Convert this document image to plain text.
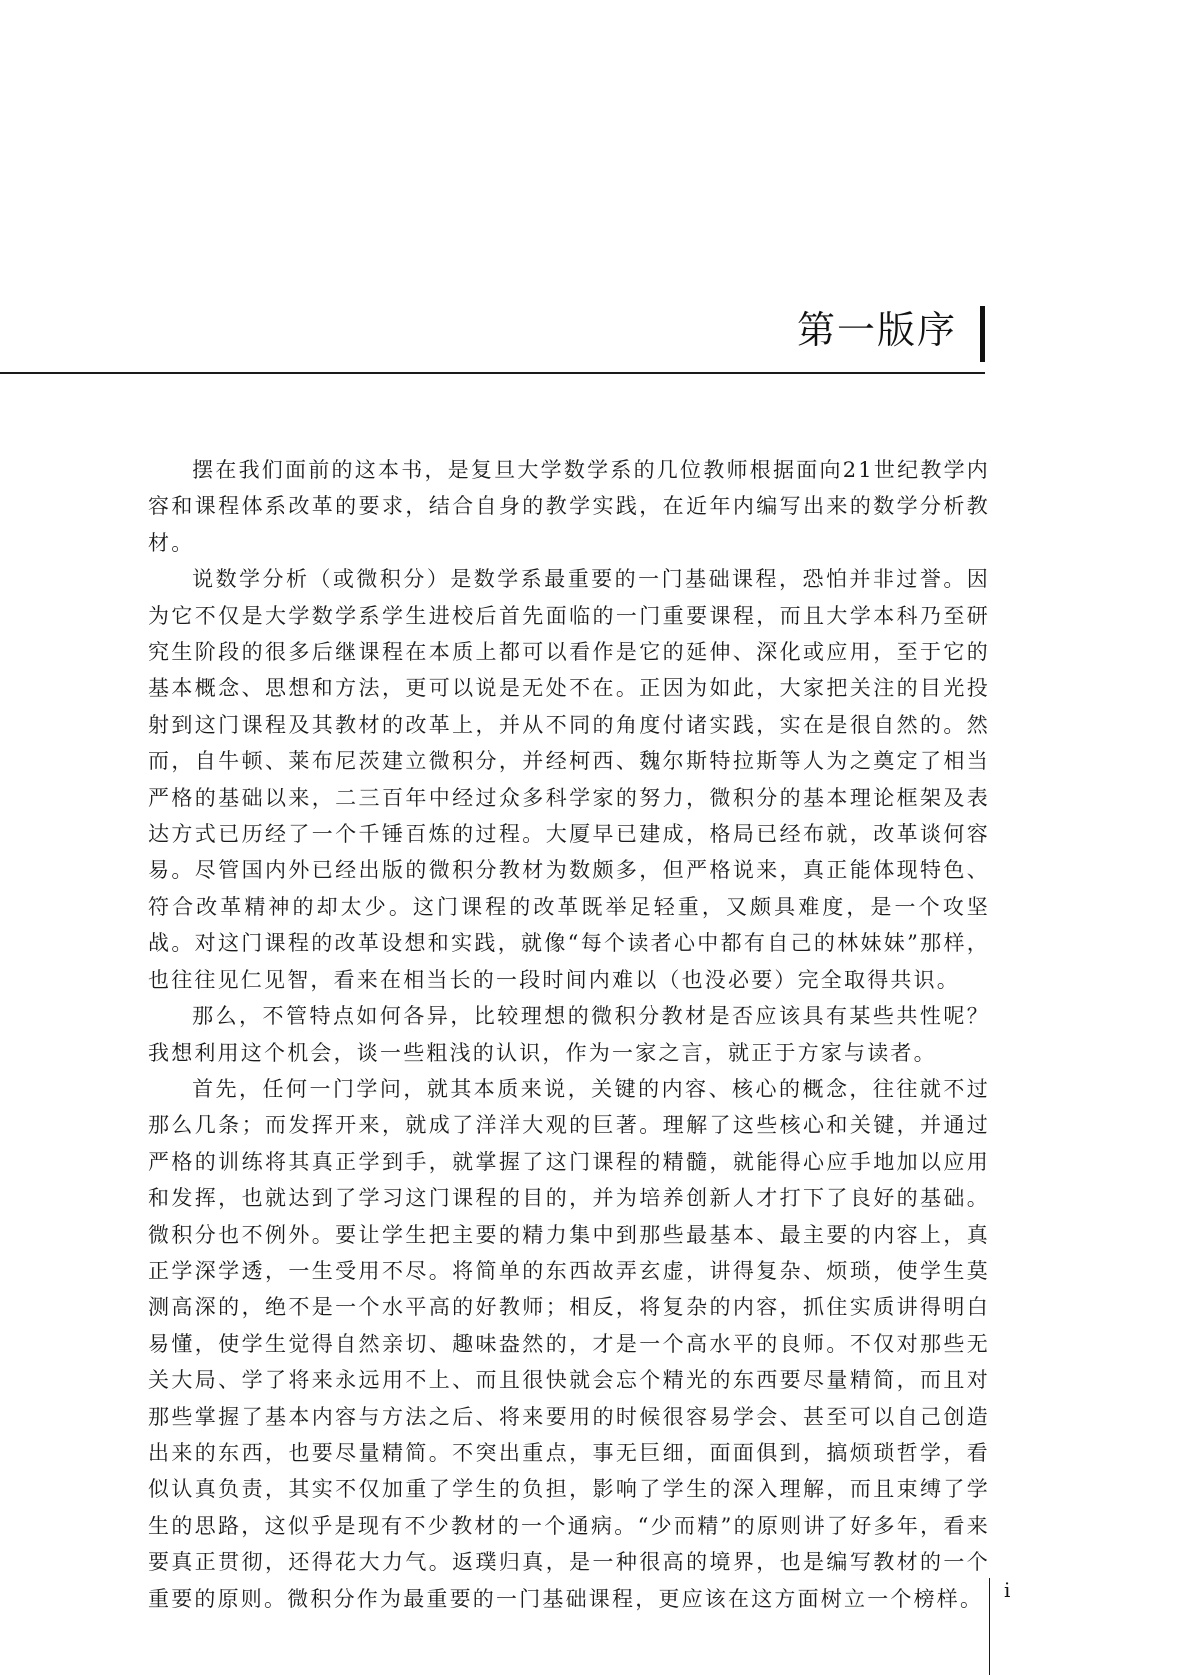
第一版序

摆在我们面前的这本书，是复旦大学数学系的几位教师根据面向21世纪教学内容和课程体系改革的要求，结合自身的教学实践，在近年内编写出来的数学分析教材。

说数学分析（或微积分）是数学系最重要的一门基础课程，恐怕并非过誉。因为它不仅是大学数学系学生进校后首先面临的一门重要课程，而且大学本科乃至研究生阶段的很多后继课程在本质上都可以看作是它的延伸、深化或应用，至于它的基本概念、思想和方法，更可以说是无处不在。正因为如此，大家把关注的目光投射到这门课程及其教材的改革上，并从不同的角度付诸实践，实在是很自然的。然而，自牛顿、莱布尼茨建立微积分，并经柯西、魏尔斯特拉斯等人为之奠定了相当严格的基础以来，二三百年中经过众多科学家的努力，微积分的基本理论框架及表达方式已历经了一个千锤百炼的过程。大厦早已建成，格局已经布就，改革谈何容易。尽管国内外已经出版的微积分教材为数颇多，但严格说来，真正能体现特色、符合改革精神的却太少。这门课程的改革既举足轻重，又颇具难度，是一个攻坚战。对这门课程的改革设想和实践，就像“每个读者心中都有自己的林妹妹”那样，也往往见仁见智，看来在相当长的一段时间内难以（也没必要）完全取得共识。

那么，不管特点如何各异，比较理想的微积分教材是否应该具有某些共性呢？我想利用这个机会，谈一些粗浅的认识，作为一家之言，就正于方家与读者。

首先，任何一门学问，就其本质来说，关键的内容、核心的概念，往往就不过那么几条；而发挥开来，就成了洋洋大观的巨著。理解了这些核心和关键，并通过严格的训练将其真正学到手，就掌握了这门课程的精髓，就能得心应手地加以应用和发挥，也就达到了学习这门课程的目的，并为培养创新人才打下了良好的基础。微积分也不例外。要让学生把主要的精力集中到那些最基本、最主要的内容上，真正学深学透，一生受用不尽。将简单的东西故弄玄虚，讲得复杂、烦琐，使学生莫测高深的，绝不是一个水平高的好教师；相反，将复杂的内容，抓住实质讲得明白易懂，使学生觉得自然亲切、趣味盎然的，才是一个高水平的良师。不仅对那些无关大局、学了将来永远用不上、而且很快就会忘个精光的东西要尽量精简，而且对那些掌握了基本内容与方法之后、将来要用的时候很容易学会、甚至可以自己创造出来的东西，也要尽量精简。不突出重点，事无巨细，面面俱到，搞烦琐哲学，看似认真负责，其实不仅加重了学生的负担，影响了学生的深入理解，而且束缚了学生的思路，这似乎是现有不少教材的一个通病。“少而精”的原则讲了好多年，看来要真正贯彻，还得花大力气。返璞归真，是一种很高的境界，也是编写教材的一个重要的原则。微积分作为最重要的一门基础课程，更应该在这方面树立一个榜样。	i
